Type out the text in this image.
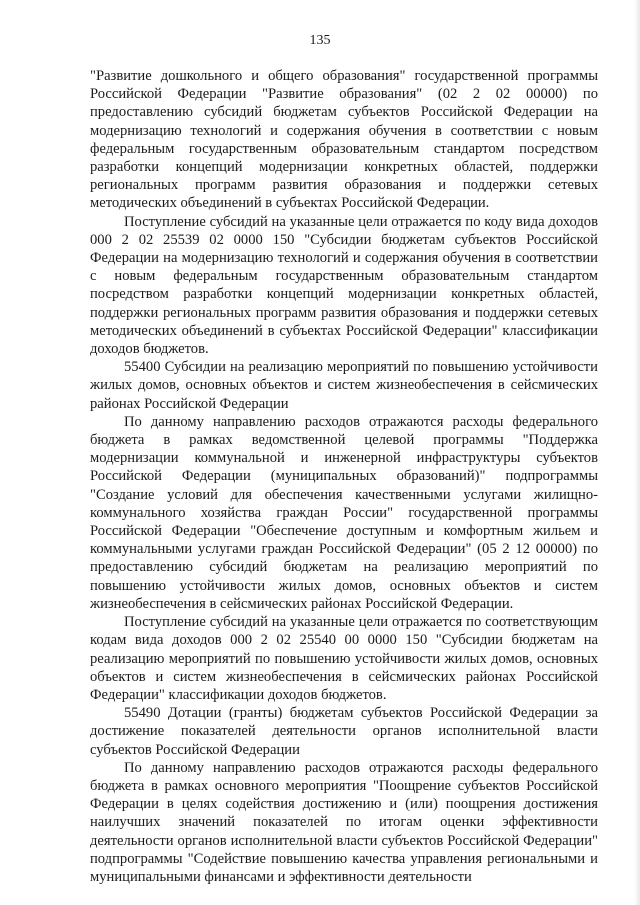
135

"Развитие дошкольного и общего образования" государственной программы Российской Федерации "Развитие образования" (02 2 02 00000) по предоставлению субсидий бюджетам субъектов Российской Федерации на модернизацию технологий и содержания обучения в соответствии с новым федеральным государственным образовательным стандартом посредством разработки концепций модернизации конкретных областей, поддержки региональных программ развития образования и поддержки сетевых методических объединений в субъектах Российской Федерации.

Поступление субсидий на указанные цели отражается по коду вида доходов 000 2 02 25539 02 0000 150 "Субсидии бюджетам субъектов Российской Федерации на модернизацию технологий и содержания обучения в соответствии с новым федеральным государственным образовательным стандартом посредством разработки концепций модернизации конкретных областей, поддержки региональных программ развития образования и поддержки сетевых методических объединений в субъектах Российской Федерации" классификации доходов бюджетов.

55400 Субсидии на реализацию мероприятий по повышению устойчивости жилых домов, основных объектов и систем жизнеобеспечения в сейсмических районах Российской Федерации

По данному направлению расходов отражаются расходы федерального бюджета в рамках ведомственной целевой программы "Поддержка модернизации коммунальной и инженерной инфраструктуры субъектов Российской Федерации (муниципальных образований)" подпрограммы "Создание условий для обеспечения качественными услугами жилищно-коммунального хозяйства граждан России" государственной программы Российской Федерации "Обеспечение доступным и комфортным жильем и коммунальными услугами граждан Российской Федерации" (05 2 12 00000) по предоставлению субсидий бюджетам на реализацию мероприятий по повышению устойчивости жилых домов, основных объектов и систем жизнеобеспечения в сейсмических районах Российской Федерации.

Поступление субсидий на указанные цели отражается по соответствующим кодам вида доходов 000 2 02 25540 00 0000 150 "Субсидии бюджетам на реализацию мероприятий по повышению устойчивости жилых домов, основных объектов и систем жизнеобеспечения в сейсмических районах Российской Федерации" классификации доходов бюджетов.

55490 Дотации (гранты) бюджетам субъектов Российской Федерации за достижение показателей деятельности органов исполнительной власти субъектов Российской Федерации

По данному направлению расходов отражаются расходы федерального бюджета в рамках основного мероприятия "Поощрение субъектов Российской Федерации в целях содействия достижению и (или) поощрения достижения наилучших значений показателей по итогам оценки эффективности деятельности органов исполнительной власти субъектов Российской Федерации" подпрограммы "Содействие повышению качества управления региональными и муниципальными финансами и эффективности деятельности
